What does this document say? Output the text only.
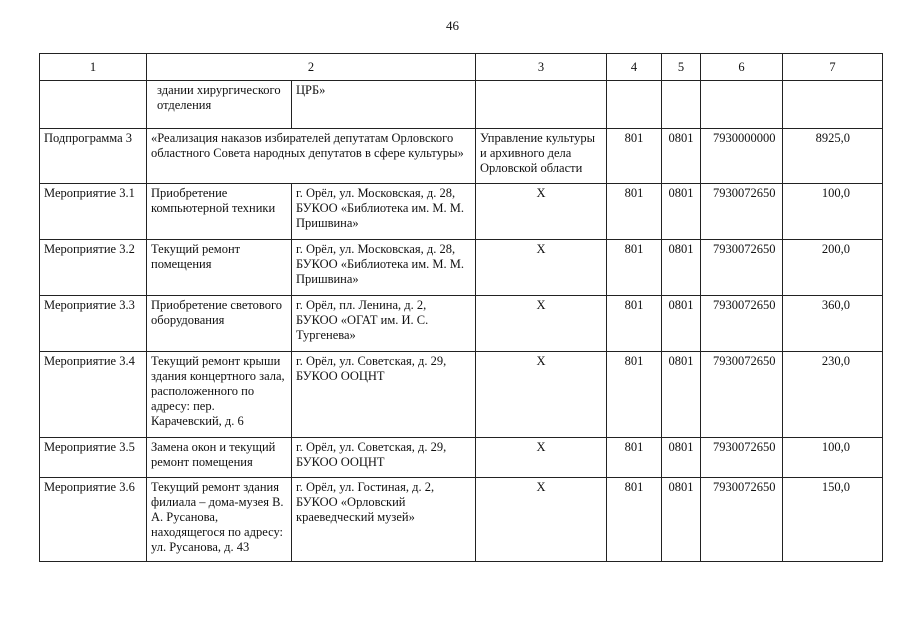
46
1	2		3	4	5	6	7
	здании хирургического отделения	ЦРБ»					
Подпрограмма 3	«Реализация наказов избирателей депутатам Орловского областного Совета народных депутатов в сфере культуры»		Управление культуры и архивного дела Орловской области	801	0801	7930000000	8925,0
Мероприятие 3.1	Приобретение компьютерной техники	г. Орёл, ул. Московская, д. 28, БУКОО «Библиотека им. М. М. Пришвина»	X	801	0801	7930072650	100,0
Мероприятие 3.2	Текущий ремонт помещения	г. Орёл, ул. Московская, д. 28, БУКОО «Библиотека им. М. М. Пришвина»	X	801	0801	7930072650	200,0
Мероприятие 3.3	Приобретение светового оборудования	г. Орёл, пл. Ленина, д. 2, БУКОО «ОГАТ им. И. С. Тургенева»	X	801	0801	7930072650	360,0
Мероприятие 3.4	Текущий ремонт крыши здания концертного зала, расположенного по адресу: пер. Карачевский, д. 6	г. Орёл, ул. Советская, д. 29, БУКОО ООЦНТ	X	801	0801	7930072650	230,0
Мероприятие 3.5	Замена окон и текущий ремонт помещения	г. Орёл, ул. Советская, д. 29, БУКОО ООЦНТ	X	801	0801	7930072650	100,0
Мероприятие 3.6	Текущий ремонт здания филиала – дома-музея В. А. Русанова, находящегося по адресу: ул. Русанова, д. 43	г. Орёл, ул. Гостиная, д. 2, БУКОО «Орловский краеведческий музей»	X	801	0801	7930072650	150,0
